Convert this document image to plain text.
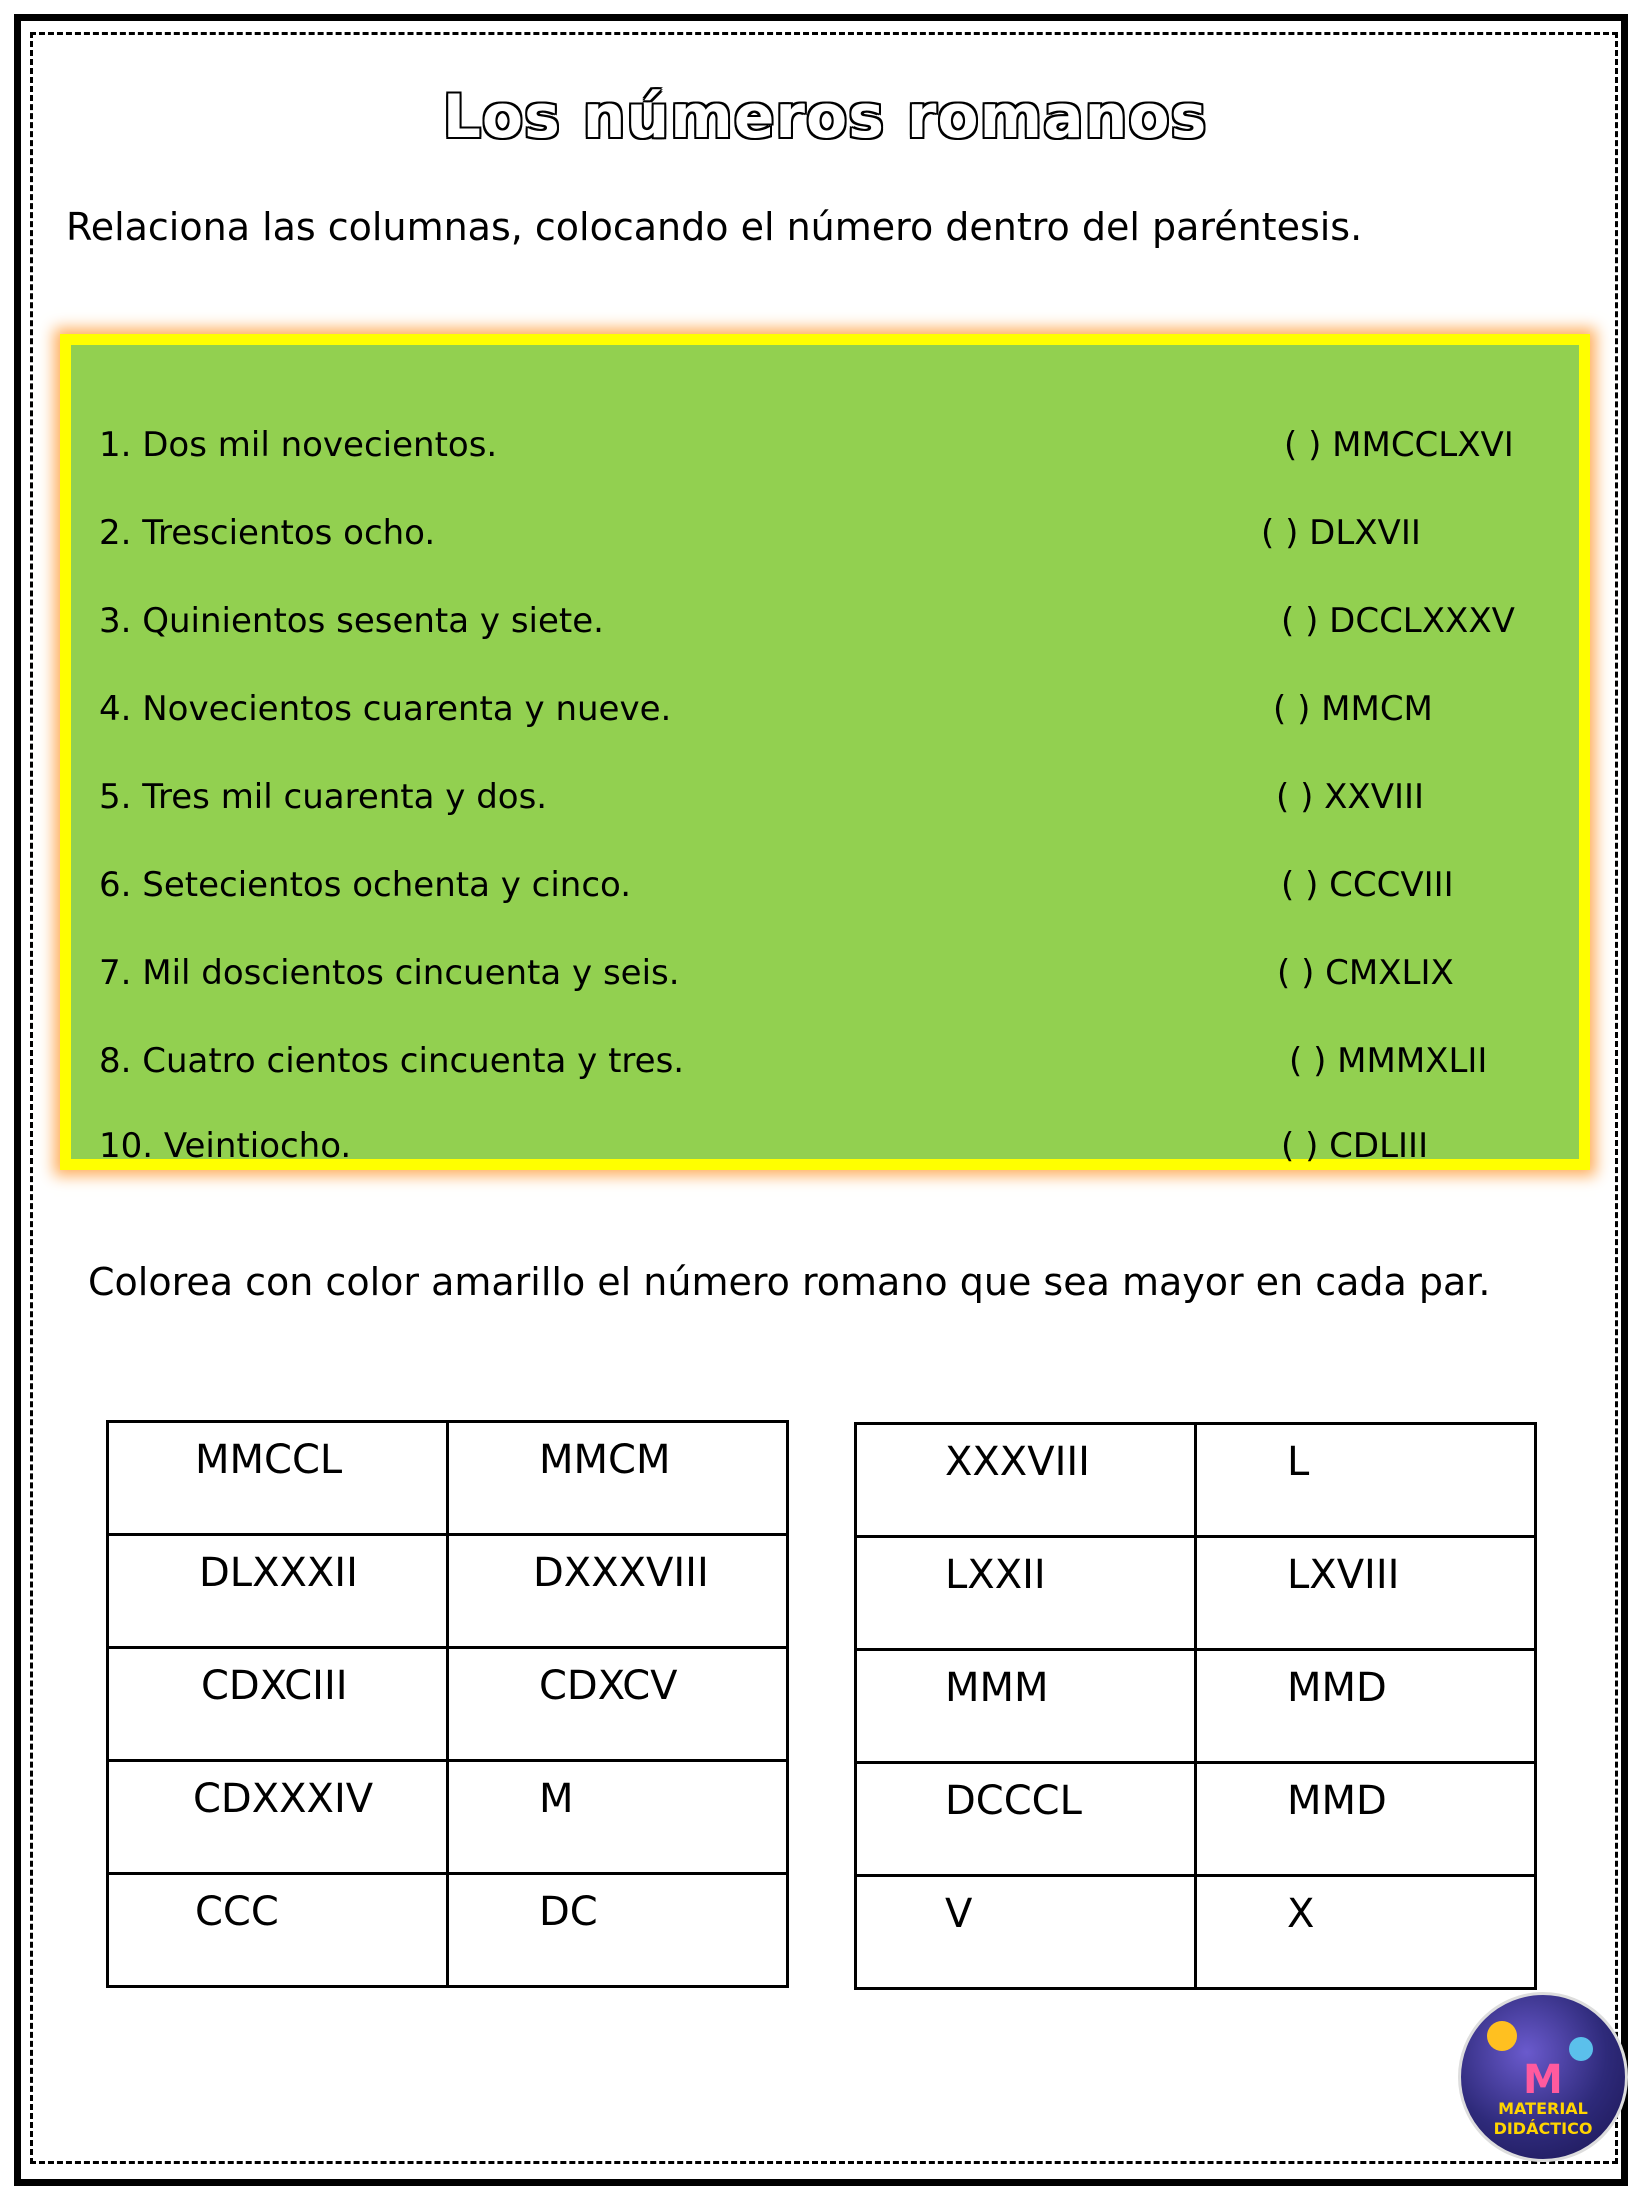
Los números romanos
Relaciona las columnas, colocando el número dentro del paréntesis.
1. Dos mil novecientos.	( ) MMCCLXVI
2. Trescientos ocho.	( ) DLXVII
3. Quinientos sesenta y siete.	( ) DCCLXXXV
4. Novecientos cuarenta y nueve.	( ) MMCM
5. Tres mil cuarenta y dos.	( ) XXVIII
6. Setecientos ochenta y cinco.	( ) CCCVIII
7. Mil doscientos cincuenta y seis.	( ) CMXLIX
8. Cuatro cientos cincuenta y tres.	( ) MMMXLII
10. Veintiocho.	( ) CDLIII
Colorea con color amarillo el número romano que sea mayor en cada par.
MMCCL	MMCM

DLXXXII	DXXXVIII

CDXCIII	CDXCV

CDXXXIV	M

CCC	DC
XXXVIII	L

LXXII	LXVIII

MMM	MMD

DCCCL	MMD

V	X
M
MATERIAL
DIDÁCTICO
